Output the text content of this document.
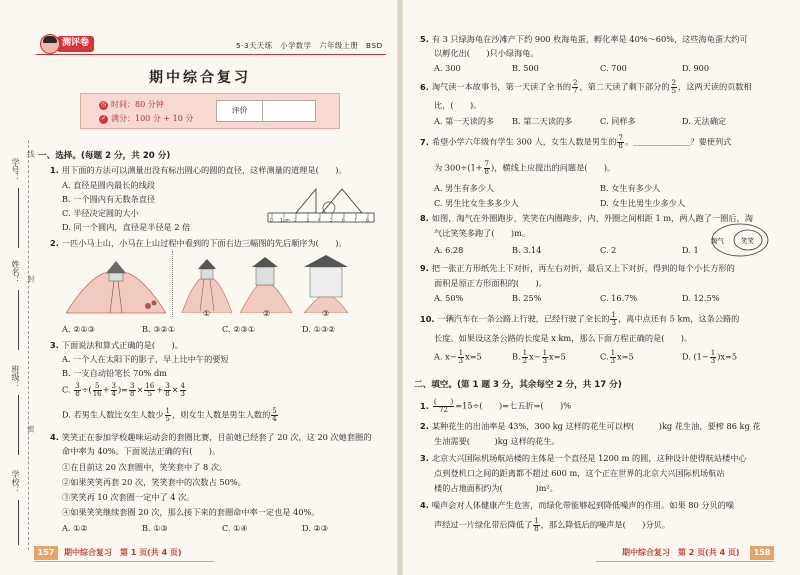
测评卷	5·3天天练　小学数学　六年级上册　BSD
期中综合复习
◷ 时间：80 分钟
✓ 满分：100 分 + 10 分
评价
学号：
姓名：
班级：
学校：
线
封
密
一、选择。(每题 2 分，共 20 分)
1. 用下面的方法可以测量出没有标出圆心的圆的直径，这样测量的道理是(　　)。
A. 直径是圆内最长的线段
B. 一个圆内有无数条直径
C. 半径决定圆的大小
D. 同一个圆内，直径是半径是 2 倍
0 1cm 2 3 4 5 6 7 8
2. 一匹小马上山，小马在上山过程中看到的下面右边三幅图的先后顺序为(　　)。
①	②	③
A. ②①③	B. ③②①	C. ②③①	D. ①③②
3. 下面说法和算式正确的是(　　)。
A. 一个人在太阳下的影子，早上比中午的要短
B. 一支自动铅笔长 70% dm
C. $\frac{3}{8}$ ÷( $\frac{5}{16} + \frac{3}{4}$ )= $\frac{3}{8} \times \frac{16}{5} + \frac{3}{8} \times \frac{4}{3}$
D. 若男生人数比女生人数少 $\frac{1}{5}$ ，则女生人数是男生人数的 $\frac{5}{4}$
4. 笑笑正在参加学校趣味运动会的套圈比赛，目前她已经套了 20 次，这 20 次她套圈的
命中率为 40%。下面说法正确的有(　　)。
①在目前这 20 次套圈中，笑笑套中了 8 次。
②如果笑笑再套 20 次，笑笑套中的次数占 50%。
③笑笑再 10 次套圈一定中了 4 次。
④如果笑笑继续套圈 20 次，那么接下来的套圈命中率一定也是 40%。
A. ①②	B. ①③	C. ①④	D. ②③
157	期中综合复习　第 1 页(共 4 页)
5. 有 3 只绿海龟在沙滩产下约 900 枚海龟蛋，孵化率是 40%～60%，这些海龟蛋大约可
以孵化出(　　)只小绿海龟。
A. 300	B. 500	C. 700	D. 900
6. 淘气读一本故事书，第一天读了全书的 $\frac{2}{7}$ ，第二天读了剩下部分的 $\frac{2}{5}$ ，这两天读的页数相
比，(　　)。
A. 第一天读的多 B. 第二天读的多	C. 同样多	D. 无法确定
7. 希望小学六年级有学生 300 人，女生人数是男生的 $\frac{7}{8}$ 。＿＿＿＿＿＿＿？要使列式
为 $300\div(1+ \frac{7}{8}$ )，横线上应提出的问题是(　　)。
A. 男生有多少人	B. 女生有多少人
C. 男生比女生多多少人	D. 女生比男生少多少人
8. 如图，淘气在外圈跑步，笑笑在内圈跑步，内、外圈之间相距 1 m，两人跑了一圈后，淘
气比笑笑多跑了(　　)m。
A. 6.28	B. 3.14	C. 2	D. 1
淘气	笑笑
9. 把一张正方形纸先上下对折，再左右对折，最后又上下对折，得到的每个小长方形的
面积是原正方形面积的(　　)。
A. 50%	B. 25%	C. 16.7%	D. 12.5%
10. 一辆汽车在一条公路上行驶，已经行驶了全长的 $\frac{1}{3}$ ，离中点还有 5 km，这条公路的
长度。如果设这条公路的长度是 x km，那么下面方程正确的是(　　)。
A. $x- \frac{1}{3} x=5$	B. $\frac{1}{2} x- \frac{1}{3} x=5$	C. $\frac{1}{3} x=5$	D. $(1- \frac{1}{3} )x=5$
二、填空。(第 1 题 3 分，其余每空 2 分，共 17 分)
1. $\frac{( )}{72} =15\div$(　　)=七五折=(　　)%
2. 某种花生的出油率是 43%，300 kg 这样的花生可以榨(　　　)kg 花生油，要榨 86 kg 花
生油需要(　　　)kg 这样的花生。
3. 北京大兴国际机场航站楼的主体是一个直径是 1200 m 的圆，这种设计使得航站楼中心
点到登机口之间的距离都不超过 600 m，这个正在世界的北京大兴国际机场航站
楼的占地面积约为(　　　　)m²。
4. 噪声会对人体健康产生危害，而绿化带能够起到降低噪声的作用。如果 80 分贝的噪
声经过一片绿化带后降低了 $\frac{1}{8}$ ，那么降低后的噪声是(　　)分贝。
期中综合复习　第 2 页(共 4 页)	158
